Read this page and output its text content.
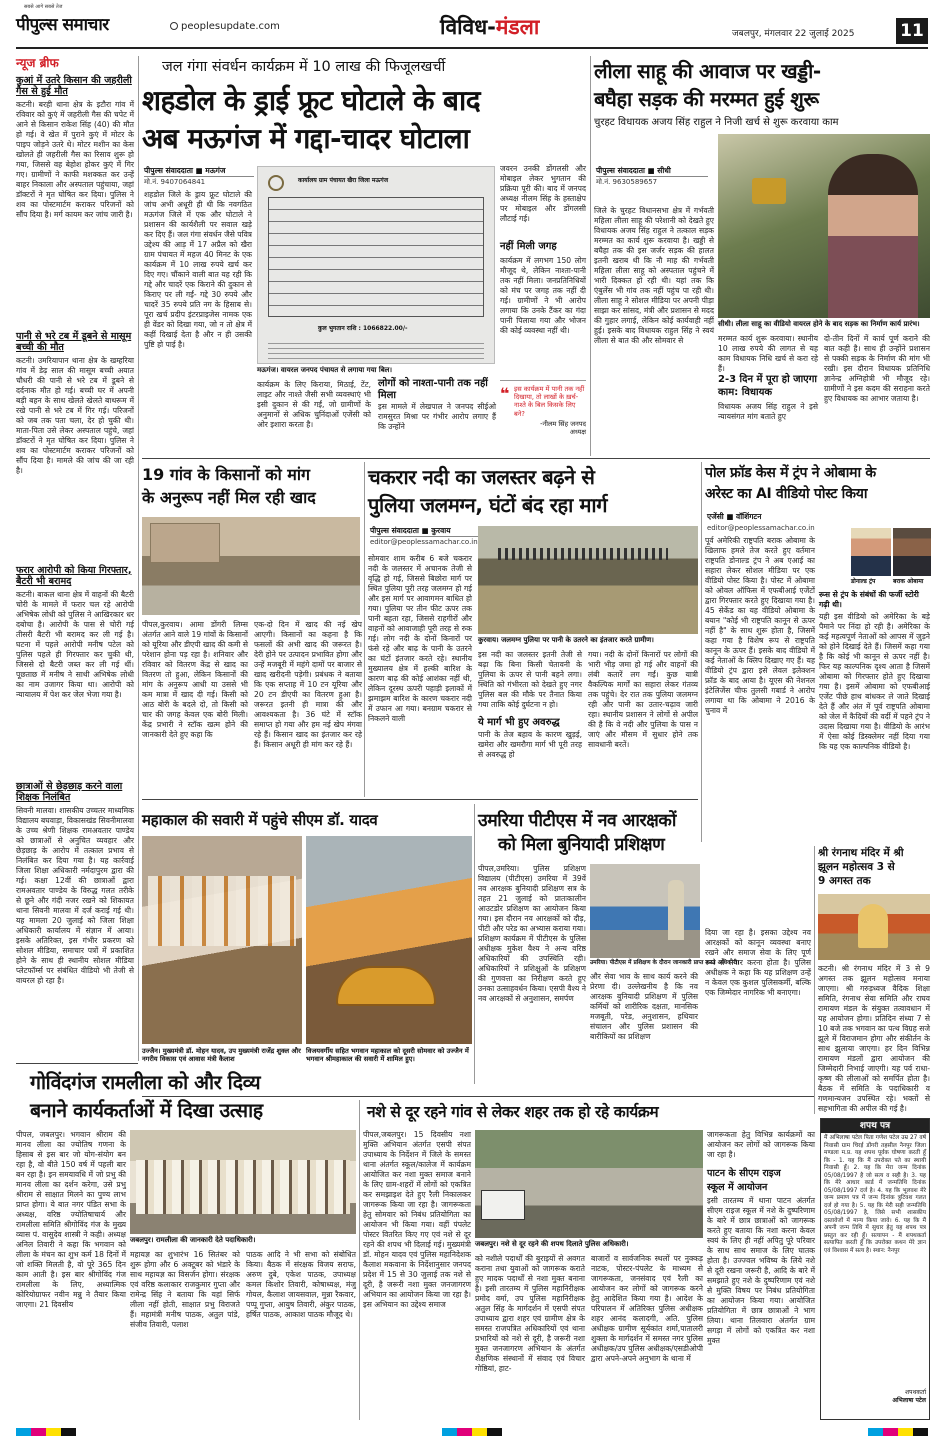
पीपुल्स समाचार
सबसे आगे सबसे तेज
peoplesupdate.com	विविध-मंडला	जबलपुर, मंगलवार 22 जुलाई 2025	11
न्यूज ब्रीफ
कुआं में उतरे किसान की जहरीली गैस से हुई मौत
कटनी। बरही थाना क्षेत्र के इटौरा गांव में रविवार को कुएं में जहरीली गैस की चपेट में आने से किसान राकेश सिंह (40) की मौत हो गई। वे खेत में पुराने कुएं में मोटर के पाइप जोड़ने उतरे थे। मोटर मशीन का केस खोलते ही जहरीली गैस का रिसाव शुरू हो गया, जिससे वह बेहोश होकर कुएं में गिर गए। ग्रामीणों ने काफी मशक्कत कर उन्हें बाहर निकाला और अस्पताल पहुंचाया, जहां डॉक्टरों ने मृत घोषित कर दिया। पुलिस ने शव का पोस्टमार्टम कराकर परिजनों को सौंप दिया है। मर्ग कायम कर जांच जारी है।
पानी से भरे टब में डूबने से मासूम बच्ची की मौत
कटनी। उमरियापान थाना क्षेत्र के खम्हरिया गांव में डेढ़ साल की मासूम बच्ची अयात चौधरी की पानी से भरे टब में डूबने से दर्दनाक मौत हो गई। बच्ची घर में अपनी बड़ी बहन के साथ खेलते खेलते बाथरूम में रखे पानी से भरे टब में गिर गई। परिजनों को जब तक पता चला, देर हो चुकी थी। माता-पिता उसे लेकर अस्पताल पहुंचे, जहां डॉक्टरों ने मृत घोषित कर दिया। पुलिस ने शव का पोस्टमार्टम कराकर परिजनों को सौंप दिया है। मामले की जांच की जा रही है।
फरार आरोपी को किया गिरफ्तार, बैटरी भी बरामद
कटनी। बाकल थाना क्षेत्र में वाहनों की बैटरी चोरी के मामले में फरार चल रहे आरोपी अभिषेक लोधी को पुलिस ने आखिरकार धर दबोचा है। आरोपी के पास से चोरी गई तीसरी बैटरी भी बरामद कर ली गई है। घटना में पहले आरोपी मनीष पटेल को पुलिस पहले ही गिरफ्तार कर चुकी थी, जिससे दो बैटरी जब्त कर ली गई थीं। पूछताछ में मनीष ने साथी अभिषेक लोधी का नाम उजागर किया था। आरोपी को न्यायालय में पेश कर जेल भेजा गया है।
छात्राओं से छेड़छाड़ करने वाला शिक्षक निलंबित
सिवनी मालवा। शासकीय उच्चतर माध्यमिक विद्यालय बघवाड़ा, विकासखंड सिवनीमालवा के उच्च श्रेणी शिक्षक रामअवतार पाण्डेय को छात्राओं से अनुचित व्यवहार और छेड़छाड़ के आरोप में तत्काल प्रभाव से निलंबित कर दिया गया है। यह कार्रवाई जिला शिक्षा अधिकारी नर्मदापुरम द्वारा की गई। कक्षा 12वीं की छात्राओं द्वारा रामअवतार पाण्डेय के विरुद्ध गलत तरीके से छूने और गंदी नजर रखने को शिकायत थाना सिवनी मालवा में दर्ज कराई गई थी। यह मामला 20 जुलाई को जिला शिक्षा अधिकारी कार्यालय में संज्ञान में आया। इसके अतिरिक्त, इस गंभीर प्रकरण को सोशल मीडिया, समाचार पत्रों में प्रकाशित होने के साथ ही स्थानीय सोशल मीडिया प्लेटफॉर्म्स पर संबंधित वीडियो भी तेजी से वायरल हो रहा है।
जल गंगा संवर्धन कार्यक्रम में 10 लाख की फिजूलखर्ची
शहडोल के ड्राई फ्रूट घोटाले के बाद
अब मऊगंज में गद्दा-चादर घोटाला
पीपुल्स संवाददाता ■ मऊगंज
मो.नं. 9407064841
शहडोल जिले के ड्राय फ्रूट घोटाले की जांच अभी अधूरी ही थी कि नवगठित मऊगंज जिले में एक और घोटाले ने प्रशासन की कार्यशैली पर सवाल खड़े कर दिए हैं। जल गंगा संवर्धन जैसे पवित्र उद्देश्य की आड़ में 17 अप्रैल को खैरा ग्राम पंचायत में महज 40 मिनट के एक कार्यक्रम में 10 लाख रुपये खर्च कर दिए गए। चौंकाने वाली बात यह रही कि गद्दे और चादरें एक किराने की दुकान से किराए पर ली गईं- गद्दे 30 रुपये और चादरें 35 रुपये प्रति नग के हिसाब से। पूरा खर्च प्रदीप इंटरप्राइजेस नामक एक ही वेंडर को दिखा गया, जो न तो क्षेत्र में कहीं दिखाई देता है और न ही उसकी पुष्टि हो पाई है।
कार्यालय ग्राम पंचायत खैरा जिला मऊगंज
कुल भुगतान राशि : 1066822.00/-
मऊगंज। वायरल जनपद पंचायत से लगाया गया बिल।
कार्यक्रम के लिए किराया, मिठाई, टेंट, लाइट और नाश्ते जैसी सभी व्यवस्थाएं भी इसी दुकान से की गईं, जो ग्रामीणों के अनुमानों से अधिक चुनिंदाओं एजेंसी को ओर इशारा करता है।
लोगों को नाश्ता-पानी तक नहीं मिला
इस मामले में लेखपाल ने जनपद सीईओ रामसुरत मिश्रा पर गंभीर आरोप लगाए हैं कि उन्होंने
जवरन उनकी डोंगलसी और मोबाइल लेकर भुगतान की प्रक्रिया पूरी की। बाद में जनपद अध्यक्ष नीलम सिंह के हस्ताक्षेप पर मोबाइल और डोंगलसी लौटाई गई।
नहीं मिली जगह
कार्यक्रम में लगभग 150 लोग मौजूद थे, लेकिन नाश्ता-पानी तक नहीं मिला। जनप्रतिनिधियों को मंच पर जगह तक नहीं दी गई। ग्रामीणों ने भी आरोप लगाया कि उनके टैंकर का गंदा पानी पिलाया गया और भोजन की कोई व्यवस्था नहीं थी।
❝ इस कार्यक्रम में पानी तक नहीं दिखाया, तो लाखों के ख़र्च-नाश्ते के बिल किसके लिए बने?
-नीलम सिंह जनपद अध्यक्ष
लीला साहू की आवाज पर खड्डी-
बघैहा सड़क की मरम्मत हुई शुरू
चुरहट विधायक अजय सिंह राहुल ने निजी खर्च से शुरू करवाया काम
पीपुल्स संवाददाता ■ सीधी
मो.नं. 9630589657
जिले के चुरहट विधानसभा क्षेत्र में गर्भवती महिला लीला साहू की परेशानी को देखते हुए विधायक अजय सिंह राहुल ने तत्काल सड़क मरम्मत का कार्य शुरू करवाया है। खड्डी से बघैहा तक की इस जर्जर सड़क की हालत इतनी खराब थी कि नौ माह की गर्भवती महिला लीला साहू को अस्पताल पहुंचने में भारी दिक्कत हो रही थी। यहां तक कि एंबुलेंस भी गांव तक नहीं पहुंच पा रही थी। लीला साहू ने सोशल मीडिया पर अपनी पीड़ा साझा कर सांसद, मंत्री और प्रशासन से मदद की गुहार लगाई, लेकिन कोई कार्यवाही नहीं हुई। इसके बाद विधायक राहुल सिंह ने स्वयं लीला से बात की और सोमवार से
सीधी। लीला साहू का वीडियो वायरल होने के बाद सड़क का निर्माण कार्य प्रारंभ।
मरम्मत कार्य शुरू करवाया। स्थानीय 10 लाख रुपये की लागत से यह काम विधायक निधि खर्च से करा रहे हैं।
2-3 दिन में पूरा हो जाएगा काम: विधायक
विधायक अजय सिंह राहुल ने इसे न्यायसंगत मांग बताते हुए
दो-तीन दिनों में कार्य पूर्ण कराने की बात कही है। साथ ही उन्होंने प्रशासन से पक्की सड़क के निर्माण की मांग भी रखी। इस दौरान विधायक प्रतिनिधि ज्ञानेन्द्र अग्निहोत्री भी मौजूद रहे। ग्रामीणों ने इस कदम की सराहना करते हुए विधायक का आभार जताया है।
19 गांव के किसानों को मांग
के अनुरूप नहीं मिल रही खाद
पीपल,कुरवाय। आमा डोंगरी लिम्स अंतर्गत आने वाले 19 गांवों के किसानों को यूरिया और डीएपी खाद की कमी से परेशान होना पड़ रहा है। शनिवार और रविवार को वितरण केंद्र से खाद का वितरण तो हुआ, लेकिन किसानों की मांग के अनुरूप आधी या उससे भी कम मात्रा में खाद दी गई। किसी को आठ बोरी के बदले दो, तो किसी को चार की जगह केवल एक बोरी मिली। केंद्र प्रभारी ने स्टॉक खत्म होने की जानकारी देते हुए कहा कि
एक-दो दिन में खाद की नई खेप आएगी। किसानों का कहना है कि फसलों की अभी खाद की जरूरत है। देरी होने पर उत्पादन प्रभावित होगा और उन्हें मजबूरी में महंगे दामों पर बाजार से खाद खरीदनी पड़ेगी। प्रबंधक ने बताया कि एक सप्ताह में 10 टन यूरिया और 20 टन डीएपी का वितरण हुआ है। जरूरत इतनी ही मात्रा की और आवश्यकता है। 36 घंटे में स्टॉक समाप्त हो गया और हम नई खेप मंगवा रहे हैं। किसान खाद का इंतजार कर रहे हैं। किसान अधूरी ही मांग कर रहे हैं।
चकरार नदी का जलस्तर बढ़ने से
पुलिया जलमग्न, घंटों बंद रहा मार्ग
पीपुल्स संवाददाता ■ कुरवाय
editor@peoplessamachar.co.in
सोमवार शाम करीब 6 बजे चकरार नदी के जलस्तर में अचानक तेजी से वृद्धि हो गई, जिससे बिछोरा मार्ग पर स्थित पुलिया पूरी तरह जलमग्न हो गई और इस मार्ग पर आवागमन बाधित हो गया। पुलिया पर तीन फीट ऊपर तक पानी बहता रहा, जिससे राहगीरों और वाहनों को आवाजाही पूरी तरह से रुक गई। लोग नदी के दोनों किनारों पर फंसे रहे और बाढ़ के पानी के उतरने का घंटों इंतजार करते रहे। स्थानीय मुख्यालय क्षेत्र में हल्की बारिश के कारण बाढ़ की कोई आशंका नहीं थी, लेकिन दूरस्थ ऊपरी पहाड़ी इलाकों में झमाझम बारिश के कारण चकरार नदी में उफान आ गया। बनग्राम चकरार से निकलने वाली
कुरवाय। जलमग्न पुलिया पर पानी के उतरने का इंतजार करते ग्रामीण।
इस नदी का जलस्तर इतनी तेजी से बढ़ा कि बिना किसी चेतावनी के पुलिया के ऊपर से पानी बहने लगा। स्थिति को गंभीरता को देखते हुए नगर पुलिस बल की मौके पर तैनात किया गया ताकि कोई दुर्घटना न हो।
ये मार्ग भी हुए अवरुद्ध
पानी के तेज बहाव के कारण खुड़ई, खमेरा और खमरौगा मार्ग भी पूरी तरह से अवरुद्ध हो
गया। नदी के दोनों किनारों पर लोगों की भारी भीड़ जमा हो गई और वाहनों की लंबी कतारें लग गईं। कुछ यात्री वैकल्पिक मार्गों का सहारा लेकर गंतव्य तक पहुंचे। देर रात तक पुलिया जलमग्न रही और पानी का उतार-चढ़ाव जारी रहा। स्थानीय प्रशासन ने लोगों से अपील की है कि वे नदी और पुलिया के पास न जाएं और मौसम में सुधार होने तक सावधानी बरतें।
पोल फ्रॉड केस में ट्रंप ने ओबामा के
अरेस्ट का AI वीडियो पोस्ट किया
एजेंसी ■ वॉशिंगटन
editor@peoplessamachar.co.in
पूर्व अमेरिकी राष्ट्रपति बराक ओबामा के खिलाफ हमले तेज करते हुए वर्तमान राष्ट्रपति डोनाल्ड ट्रंप ने अब एआई का सहारा लेकर सोशल मीडिया पर एक वीडियो पोस्ट किया है। पोस्ट में ओबामा को ओवल ऑफिस में एफबीआई एजेंटों द्वारा गिरफ्तार करते हुए दिखाया गया है। 45 सेकेंड का यह वीडियो ओबामा के बयान "कोई भी राष्ट्रपति कानून से ऊपर नहीं है" के साथ शुरू होता है, जिसमें कहा गया है विशेष रूप से राष्ट्रपति कानून के ऊपर हैं। इसके बाद वीडियो में कई नेताओं के क्लिप दिखाए गए हैं। यह वीडियो ट्रंप द्वारा इसे लेवल इलेक्शन फ्रॉड के बाद आया है। यूएस की नेशनल इंटेलिजेंस चीफ तुलसी गबार्ड ने आरोप लगाया था कि ओबामा ने 2016 के चुनाव में
डोनाल्ड ट्रंप	बराक ओबामा
रूस से ट्रंप के संबंधों की फर्जी स्टोरी गढ़ी थी।
यही इस वीडियो को अमेरिका के बड़े पैमाने पर निंदा हो रही है। अमेरिका के कई महत्वपूर्ण नेताओं को आपस में जुड़ने को होने दिखाई देते हैं। जिसमें कहा गया है कि कोई भी कानून से ऊपर नहीं है। फिर यह काल्पनिक दृश्य आता है जिसमें ओबामा को गिरफ्तार होते हुए दिखाया गया है। इसमें ओबामा को एफबीआई एजेंट पीछे हाथ बांधकर ले जाते दिखाई देते हैं और अंत में पूर्व राष्ट्रपति ओबामा को जेल में कैदियों की वर्दी में पहने ट्रंप ने उदास दिखाया गया है। वीडियो के आरंभ में ऐसा कोई डिस्क्लेमर नहीं दिया गया कि यह एक काल्पनिक वीडियो है।
महाकाल की सवारी में पहुंचे सीएम डॉ. यादव
उज्जैन। मुख्यमंत्री डॉ. मोहन यादव, उप मुख्यमंत्री राजेंद्र शुक्ल और नगरीय विकास एवं आवास मंत्री कैलाश
विजयवर्गीय सहित भगवान महाकाल को दूसरी सोमवार को उज्जैन में भगवान श्रीमहाकाल की सवारी में शामिल हुए।
उमरिया पीटीएस में नव आरक्षकों
को मिला बुनियादी प्रशिक्षण
पीपल,उमरिया। पुलिस प्रशिक्षण विद्यालय (पीटीएस) उमरिया में 39वें नव आरक्षक बुनियादी प्रशिक्षण सत्र के तहत 21 जुलाई को प्रातःकालीन आउटडोर प्रशिक्षण का आयोजन किया गया। इस दौरान नव आरक्षकों को दौड़, पीटी और परेड का अभ्यास कराया गया। प्रशिक्षण कार्यक्रम में पीटीएस के पुलिस अधीक्षक मुकेश वैश्य ने अन्य वरिष्ठ अधिकारियों की उपस्थिति रही। अधिकारियों ने प्रशिक्षुओं के प्रशिक्षण की गुणवत्ता का निरीक्षण करते हुए उनका उत्साहवर्धन किया। एसपी वैश्य ने नव आरक्षकों से अनुशासन, समर्पण
उमरिया। पीटीएस में प्रशिक्षण के दौरान जानकारी प्राप्त करते अधिकारी।
और सेवा भाव के साथ कार्य करने की प्रेरणा दी। उल्लेखनीय है कि नव आरक्षक बुनियादी प्रशिक्षण में पुलिस कर्मियों को शारीरिक दक्षता, मानसिक मजबूती, परेड, अनुशासन, हथियार संचालन और पुलिस प्रशासन की बारीकियों का प्रशिक्षण
दिया जा रहा है। इसका उद्देश्य नव आरक्षकों को कानून व्यवस्था बनाए रखने और समाज सेवा के लिए पूर्ण रूप से तैयार करना होता है। पुलिस अधीक्षक ने कहा कि यह प्रशिक्षण उन्हें न केवल एक कुशल पुलिसकर्मी, बल्कि एक जिम्मेदार नागरिक भी बनाएगा।
श्री रंगनाथ मंदिर में श्री
झूलन महोत्सव 3 से
9 अगस्त तक
कटनी। श्री रंगनाथ मंदिर में 3 से 9 अगस्त तक झूलन महोत्सव मनाया जाएगा। श्री गरुड़ध्वज वैदिक शिक्षा समिति, रंगनाथ सेवा समिति और राघव रामायण मंडल के संयुक्त तत्वावधान में यह आयोजन होगा। प्रतिदिन संध्या 7 से 10 बजे तक भगवान का पत्थ विग्रह सजे झूले में विराजमान होगा और संकीर्तन के साथ झुलाया जाएगा। हर दिन विभिन्न रामायण मंडलों द्वारा आयोजन की जिम्मेदारी निभाई जाएगी। यह पर्व राधा-कृष्ण की लीलाओं को समर्पित होता है। बैठक में समिति के पदाधिकारी व गणमान्यजन उपस्थित रहे। भक्तों से सहभागिता की अपील की गई है।
गोविंदगंज रामलीला को और दिव्य
बनाने कार्यकर्ताओं में दिखा उत्साह
पीपल, जबलपुर। भगवान श्रीराम की मानव लीला का ज्योतिष गणना के हिसाब से इस बार जो योग-संयोग बन रहा है, वो बीते 150 वर्ष में पहली बार बन रहा है। इन समयावधि में जो प्रभु की मानव लीला का दर्शन करेगा, उसे प्रभु श्रीराम से साक्षात मिलने का पुण्य लाभ प्राप्त होगा। ये बात नगर पंडित सभा के अध्यक्ष, वरिष्ठ ज्योतिषाचार्य और रामलीला समिति श्रीगोविंद गंज के मुख्य व्यास पं. वासुदेव शास्त्री ने कही। अध्यक्ष अनिल तिवारी ने कहा कि भगवान को लीला के मंचन का शुभ कर्म 18 दिनों में जो शक्ति मिलती है, वो पूरे 365 दिन काम आती है। इस बार श्रीगोविंद गंज रामलीला के लिए, अध्यात्मिक कोरियोग्राफर नवीन मन्नु ने तैयार किया जाएगा। 21 दिवसीय
जबलपुर। रामलीला की जानकारी देते पदाधिकारी।
महायज्ञ का शुभारंभ 16 सितंबर को शुरू होगा और 6 अक्टूबर को भंडारे के साथ महायज्ञ का विसर्जन होगा। संरक्षक एवं वरिष्ठ कलाकार राजकुमार गुप्ता और रामेन्द्र सिंह ने बताया कि यहां सिर्फ लीला नहीं होती, साक्षात प्रभु विराजते हैं। महामंत्री मनीष पाठक, अतुल पांडे, संजीव तिवारी, पलाश
पाठक आदि ने भी सभा को संबोधित किया। बैठक में संरक्षक विजय सराफ, अरुण दुबे, एकेश पाठक, उपाध्यक्ष कमल किशोर तिवारी, कोषाध्यक्ष, मंजु गोयल, कैलाश जायसवाल, मुन्ना रैकवार, पप्पू गुप्ता, आयुष तिवारी, अंकुर पाठक, हर्षित पाठक, आकाश पाठक मौजूद थे।
नशे से दूर रहने गांव से लेकर शहर तक हो रहे कार्यक्रम
पीपल,जबलपुर। 15 दिवसीय नशा मुक्ति अभियान अंतर्गत एसपी संपत उपाध्याय के निर्देशन में जिले के समस्त थाना अंतर्गत स्कूल/कालेज में कार्यक्रम आयोजित कर नशा मुक्त समाज बनाने के लिए ग्राम-शहरों में लोगों को एकत्रित कर समझाइश देते हुए रैली निकालकर जागरूक किया जा रहा है। जागरूकता हेतु सोमवार को निबंध प्रतियोगिता का आयोजन भी किया गया। वहीं पंपलेट पोस्टर वितरित किए गए एवं नशे से दूर रहने की शपथ भी दिलाई गई। मुख्यमंत्री डॉ. मोहन यादव एवं पुलिस महानिदेशक कैलाश मकवाना के निर्देशानुसार जनपद प्रदेश में 15 से 30 जुलाई तक नशे से दूरी, है जरूरी नशा मुक्त जनजागरण अभियान का आयोजन किया जा रहा है। इस अभियान का उद्देश्य समाज
जबलपुर। नशे से दूर रहने की शपथ दिलाते पुलिस अधिकारी।
को नशीले पदार्थों की बुराइयों से अवगत कराना तथा युवाओं को जागरूक कराते हुए मादक पदार्थों से नशा मुक्त बनाना है। इसी तारतम्य में पुलिस महानिरीक्षक प्रमोद वर्मा, उप पुलिस महानिरीक्षक अतुल सिंह के मार्गदर्शन में एसपी संपत उपाध्याय द्वारा शहर एवं ग्रामीण क्षेत्र के समस्त राजपत्रित अधिकारियों एवं थाना प्रभारियों को नशे से दूरी, है जरूरी नशा मुक्त जनजागरण अभियान के अंतर्गत शैक्षणिक संस्थानों में संवाद एवं विचार गोष्ठियां, हाट-
बाजारों व सार्वजनिक स्थलों पर नुक्कड़ नाटक, पोस्टर-पंपलेट के माध्यम से जागरूकता, जनसंवाद एवं रैली का आयोजन कर लोगों को जागरूक करने हेतु आदेशित किया गया है। आदेश के परिपालन में अतिरिक्त पुलिस अधीक्षक शहर आनंद कलादगी, अति. पुलिस अधीक्षक ग्रामीण सूर्यकांत शर्मा,पातालरी शुक्ला के मार्गदर्शन में समस्त नगर पुलिस अधीक्षक/उप पुलिस अधीक्षक/एसडीओपी द्वारा अपने-अपने अनुभाग के थाना में
जागरूकता हेतु विभिन्न कार्यक्रमों का आयोजन कर लोगों को जागरूक किया जा रहा है।
पाटन के सीएम राइज
स्कूल में आयोजन
इसी तारतम्य में थाना पाटन अंतर्गत सीएम राइज स्कूल में नशे के दुष्परिणाम के बारे में छात्र छात्राओं को जागरूक करते हुए बताया कि नशा करना केवल स्वयं के लिए ही नहीं अपितु पूरे परिवार के साथ साथ समाज के लिए घातक होता है। उज्ज्वल भविष्य के लिये नशे से दूरी रखना जरूरी है, आदि के बारे में समझाते हुए नशे के दुष्परिणाम एवं नशे से मुक्ति विषय पर निबंध प्रतियोगिता का आयोजन किया गया। आयोजित प्रतियोगिता में छात्र छात्राओं ने भाग लिया। थाना तिलवारा अंतर्गत ग्राम सगड़ा में लोगों को एकत्रित कर नशा मुक्त
शपथ पत्र
मैं अभिलाषा पटेल पिता गणेश पटेल उम्र 27 वर्ष निवासी ग्राम चिरई डोंगरी तहसील नैनपुर जिला मण्डला म.प्र. यह शपथ पूर्वक घोषणा करती हूँ कि - 1. यह कि मैं उपरोक्त पते का स्थायी निवासी हूँ। 2. यह कि मेरा जन्म दिनांक 05/08/1997 है जो सत्य व सही है। 3. यह कि मेरे आधार कार्ड में जन्मतिथि दिनांक 05/08/1997 दर्ज है। 4. यह कि भूलवश मेरे जन्म प्रमाण पत्र में जन्म दिनांक त्रुटिवश गलत दर्ज हो गया है। 5. यह कि मेरी सही जन्मतिथि 05/08/1997 है, जिसे सभी शासकीय दस्तावेजों में मान्य किया जावे। 6. यह कि मैं अपनी जन्म तिथि में सुधार हेतु यह शपथ पत्र प्रस्तुत कर रही हूँ। सत्यापन - मैं शपथकर्ता सत्यापित करती हूँ कि उपरोक्त कथन मेरे ज्ञान एवं विश्वास में सत्य है। स्थान: नैनपुर
शपथकर्ता
अभिलाषा पटेल
